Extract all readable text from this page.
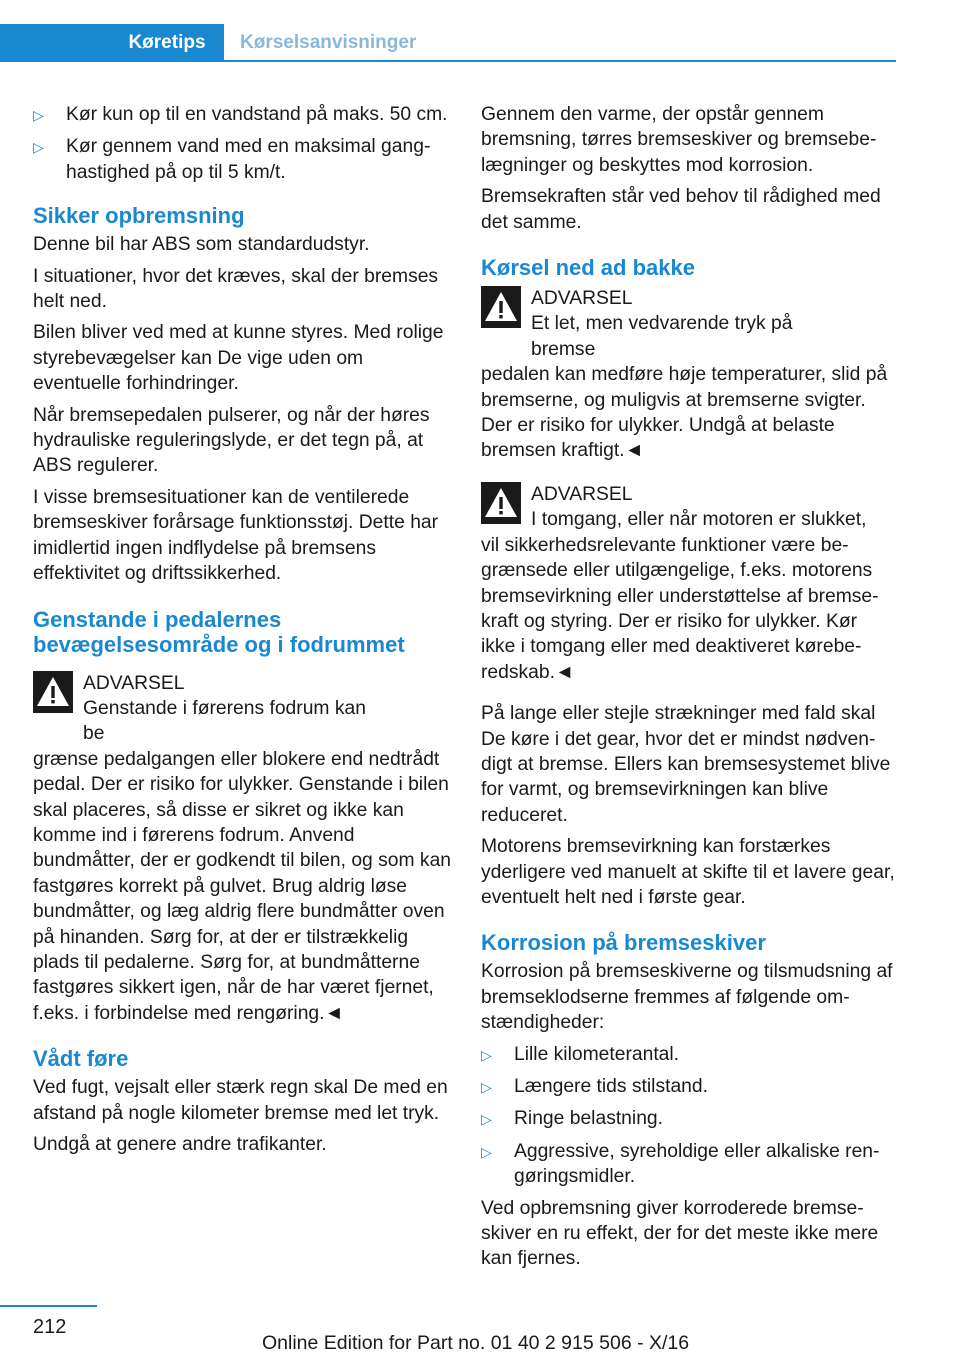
Køretips	Kørselsanvisninger
▷	Kør kun op til en vandstand på maks. 50 cm.
▷	Kør gennem vand med en maksimal ganghastighed på op til 5 km/t.
Sikker opbremsning

Denne bil har ABS som standardudstyr.

I situationer, hvor det kræves, skal der bremses helt ned.

Bilen bliver ved med at kunne styres. Med rolige styrebevægelser kan De vige uden om eventuelle forhindringer.

Når bremsepedalen pulserer, og når der høres hydrauliske reguleringslyde, er det tegn på, at ABS regulerer.

I visse bremsesituationer kan de ventilerede bremseskiver forårsage funktionsstøj. Dette har imidlertid ingen indflydelse på bremsens effektivitet og driftssikkerhed.

Genstande i pedalernes bevægelsesområde og i fodrummet
ADVARSEL
Genstande i førerens fodrum kan be
grænse pedalgangen eller blokere end nedtrådt pedal. Der er risiko for ulykker. Genstande i bilen skal placeres, så disse er sikret og ikke kan komme ind i førerens fodrum. Anvend bundmåtter, der er godkendt til bilen, og som kan fastgøres korrekt på gulvet. Brug aldrig løse bundmåtter, og læg aldrig flere bundmåtter oven på hinanden. Sørg for, at der er tilstrækkelig plads til pedalerne. Sørg for, at bundmåtterne fastgøres sikkert igen, når de har været fjernet, f.eks. i forbindelse med rengøring.◄
Vådt føre

Ved fugt, vejsalt eller stærk regn skal De med en afstand på nogle kilometer bremse med let tryk.

Undgå at genere andre trafikanter.

Gennem den varme, der opstår gennem bremsning, tørres bremseskiver og bremsebelægninger og beskyttes mod korrosion.

Bremsekraften står ved behov til rådighed med det samme.

Kørsel ned ad bakke
ADVARSEL
Et let, men vedvarende tryk på bremse
pedalen kan medføre høje temperaturer, slid på bremserne, og muligvis at bremserne svigter. Der er risiko for ulykker. Undgå at belaste bremsen kraftigt.◄
ADVARSEL
I tomgang, eller når motoren er slukket,
vil sikkerhedsrelevante funktioner være begrænsede eller utilgængelige, f.eks. motorens bremsevirkning eller understøttelse af bremsekraft og styring. Der er risiko for ulykker. Kør ikke i tomgang eller med deaktiveret køreberedskab.◄

På lange eller stejle strækninger med fald skal De køre i det gear, hvor det er mindst nødvendigt at bremse. Ellers kan bremsesystemet blive for varmt, og bremsevirkningen kan blive reduceret.

Motorens bremsevirkning kan forstærkes yderligere ved manuelt at skifte til et lavere gear, eventuelt helt ned i første gear.

Korrosion på bremseskiver

Korrosion på bremseskiverne og tilsmudsning af bremseklodserne fremmes af følgende omstændigheder:

▷	Lille kilometerantal.
▷	Længere tids stilstand.
▷	Ringe belastning.
▷	Aggressive, syreholdige eller alkaliske rengøringsmidler.

Ved opbremsning giver korroderede bremseskiver en ru effekt, der for det meste ikke mere kan fjernes.

212
Online Edition for Part no. 01 40 2 915 506 - X/16
